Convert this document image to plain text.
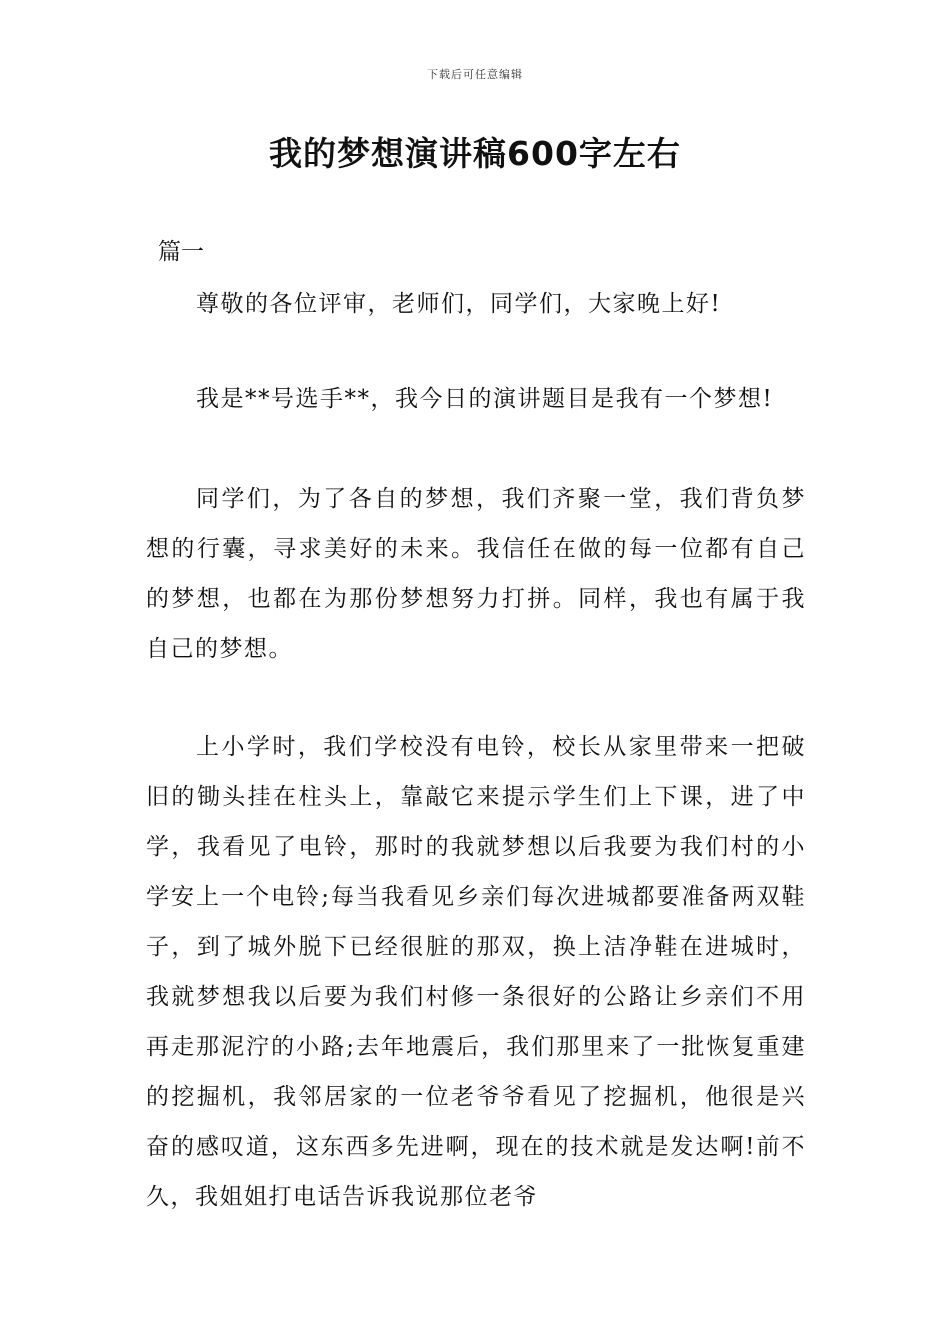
下载后可任意编辑
我的梦想演讲稿600字左右
篇一

尊敬的各位评审，老师们，同学们，大家晚上好!

我是**号选手**，我今日的演讲题目是我有一个梦想!

同学们，为了各自的梦想，我们齐聚一堂，我们背负梦想的行囊，寻求美好的未来。我信任在做的每一位都有自己的梦想，也都在为那份梦想努力打拼。同样，我也有属于我自己的梦想。

上小学时，我们学校没有电铃，校长从家里带来一把破旧的锄头挂在柱头上，靠敲它来提示学生们上下课，进了中学，我看见了电铃，那时的我就梦想以后我要为我们村的小学安上一个电铃;每当我看见乡亲们每次进城都要准备两双鞋子，到了城外脱下已经很脏的那双，换上洁净鞋在进城时，我就梦想我以后要为我们村修一条很好的公路让乡亲们不用再走那泥泞的小路;去年地震后，我们那里来了一批恢复重建的挖掘机，我邻居家的一位老爷爷看见了挖掘机，他很是兴奋的感叹道，这东西多先进啊，现在的技术就是发达啊!前不久，我姐姐打电话告诉我说那位老爷
